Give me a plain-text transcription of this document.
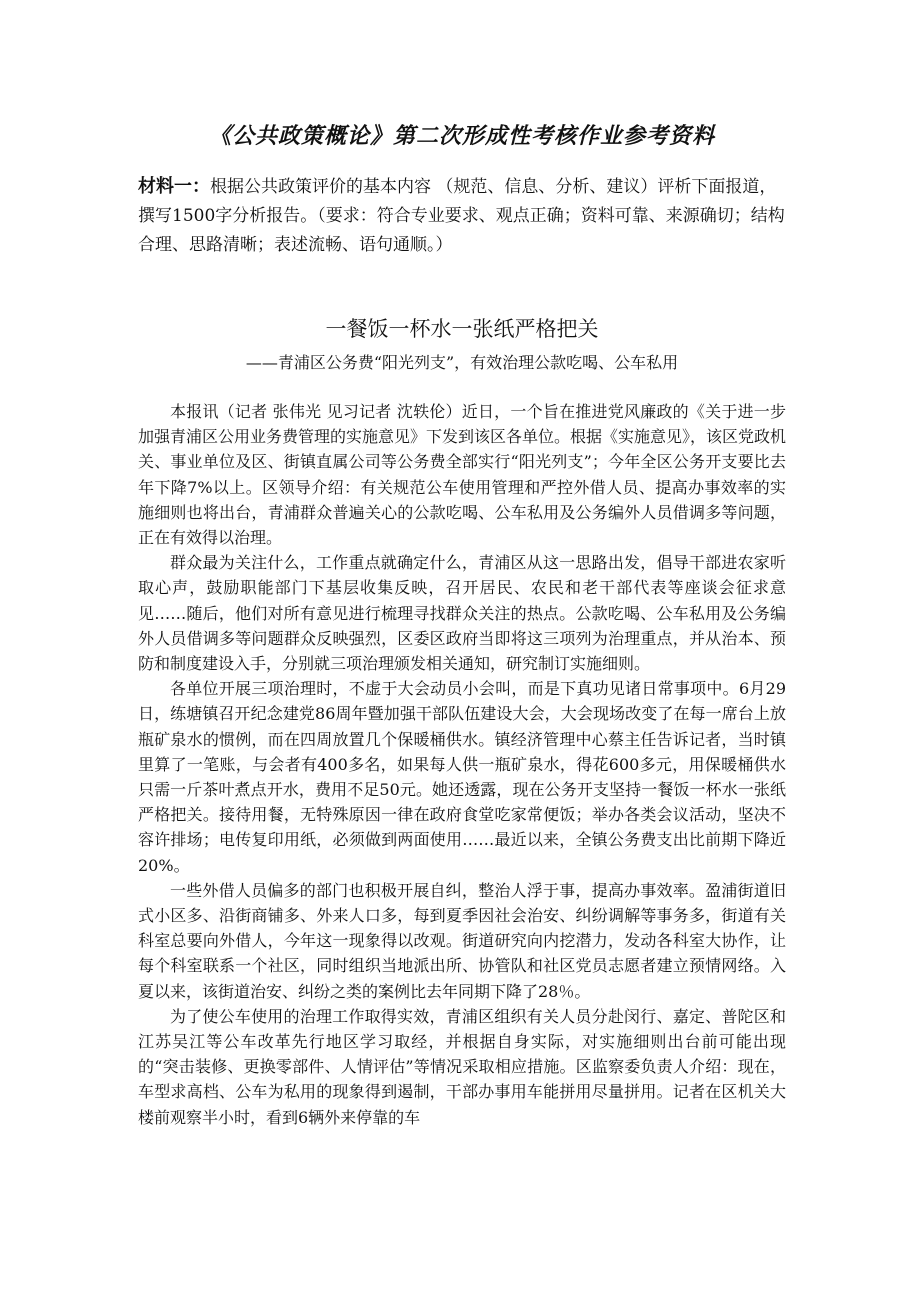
《公共政策概论》第二次形成性考核作业参考资料
材料一：根据公共政策评价的基本内容 （规范、信息、分析、建议）评析下面报道，撰写1500字分析报告。（要求：符合专业要求、观点正确；资料可靠、来源确切；结构合理、思路清晰；表述流畅、语句通顺。）
一餐饭一杯水一张纸严格把关
——青浦区公务费“阳光列支”，有效治理公款吃喝、公车私用

本报讯（记者 张伟光 见习记者 沈轶伦）近日，一个旨在推进党风廉政的《关于进一步加强青浦区公用业务费管理的实施意见》下发到该区各单位。根据《实施意见》，该区党政机关、事业单位及区、街镇直属公司等公务费全部实行“阳光列支”；今年全区公务开支要比去年下降7%以上。区领导介绍：有关规范公车使用管理和严控外借人员、提高办事效率的实施细则也将出台，青浦群众普遍关心的公款吃喝、公车私用及公务编外人员借调多等问题，正在有效得以治理。

群众最为关注什么，工作重点就确定什么，青浦区从这一思路出发，倡导干部进农家听取心声，鼓励职能部门下基层收集反映，召开居民、农民和老干部代表等座谈会征求意见……随后，他们对所有意见进行梳理寻找群众关注的热点。公款吃喝、公车私用及公务编外人员借调多等问题群众反映强烈，区委区政府当即将这三项列为治理重点，并从治本、预防和制度建设入手，分别就三项治理颁发相关通知，研究制订实施细则。

各单位开展三项治理时，不虚于大会动员小会叫，而是下真功见诸日常事项中。6月29日，练塘镇召开纪念建党86周年暨加强干部队伍建设大会，大会现场改变了在每一席台上放瓶矿泉水的惯例，而在四周放置几个保暖桶供水。镇经济管理中心蔡主任告诉记者，当时镇里算了一笔账，与会者有400多名，如果每人供一瓶矿泉水，得花600多元，用保暖桶供水只需一斤茶叶煮点开水，费用不足50元。她还透露，现在公务开支坚持一餐饭一杯水一张纸严格把关。接待用餐，无特殊原因一律在政府食堂吃家常便饭；举办各类会议活动，坚决不容许排场；电传复印用纸，必须做到两面使用……最近以来，全镇公务费支出比前期下降近20%。

一些外借人员偏多的部门也积极开展自纠，整治人浮于事，提高办事效率。盈浦街道旧式小区多、沿街商铺多、外来人口多，每到夏季因社会治安、纠纷调解等事务多，街道有关科室总要向外借人，今年这一现象得以改观。街道研究向内挖潜力，发动各科室大协作，让每个科室联系一个社区，同时组织当地派出所、协管队和社区党员志愿者建立预情网络。入夏以来，该街道治安、纠纷之类的案例比去年同期下降了28％。

为了使公车使用的治理工作取得实效，青浦区组织有关人员分赴闵行、嘉定、普陀区和江苏吴江等公车改革先行地区学习取经，并根据自身实际，对实施细则出台前可能出现的“突击装修、更换零部件、人情评估”等情况采取相应措施。区监察委负责人介绍：现在，车型求高档、公车为私用的现象得到遏制，干部办事用车能拼用尽量拼用。记者在区机关大楼前观察半小时，看到6辆外来停靠的车
